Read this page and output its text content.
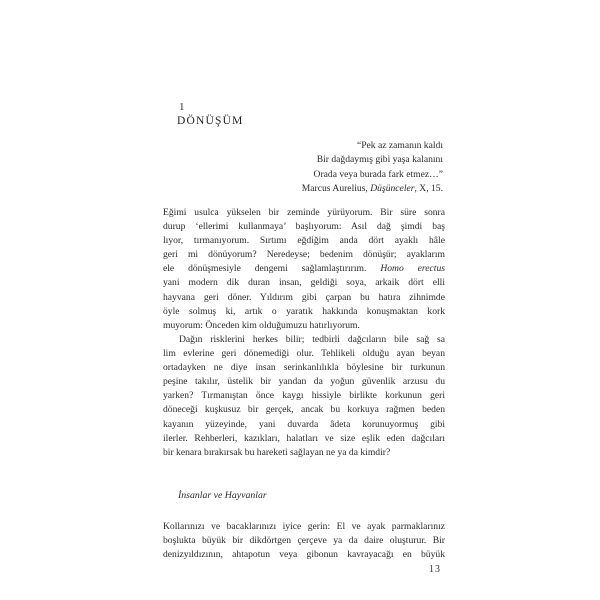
1
DÖNÜŞÜM
“Pek az zamanın kaldı
Bir dağdaymış gibi yaşa kalanını
Orada veya burada fark etmez…”
Marcus Aurelius, Düşünceler, X, 15.
Eğimi usulca yükselen bir zeminde yürüyorum. Bir süre sonra
durup ‘ellerimi kullanmaya’ başlıyorum: Asıl dağ şimdi baş
lıyor, tırmanıyorum. Sırtımı eğdiğim anda dört ayaklı hâle
geri mi dönüyorum? Neredeyse; bedenim dönüşür; ayaklarım
ele dönüşmesiyle dengemi sağlamlaştırırım. Homo erectus
yani modern dik duran insan, geldiği soya, arkaik dört elli
hayvana geri döner. Yıldırım gibi çarpan bu hatıra zihnimde
öyle solmuş ki, artık o yaratık hakkında konuşmaktan kork
muyorum: Önceden kim olduğumuzu hatırlıyorum.
Dağın risklerini herkes bilir; tedbirli dağcıların bile sağ sa
lim evlerine geri dönemediği olur. Tehlikeli olduğu ayan beyan
ortadayken ne diye insan serinkanlılıkla böylesine bir turkunun
peşine takılır, üstelik bir yandan da yoğun güvenlik arzusu du
yarken? Tırmanıştan önce kaygı hissiyle birlikte korkunun geri
döneceği kuşkusuz bir gerçek, ancak bu korkuya rağmen beden
kayanın yüzeyinde, yani duvarda âdeta korunuyormuş gibi
ilerler. Rehberleri, kazıkları, halatları ve size eşlik eden dağcıları
bir kenara bırakırsak bu hareketi sağlayan ne ya da kimdir?
İnsanlar ve Hayvanlar
Kollarınızı ve bacaklarınızı iyice gerin: El ve ayak parmaklarınız
boşlukta büyük bir dikdörtgen çerçeve ya da daire oluşturur. Bir
denizyıldızının, ahtapotun veya gibonun kavrayacağı en büyük
13
